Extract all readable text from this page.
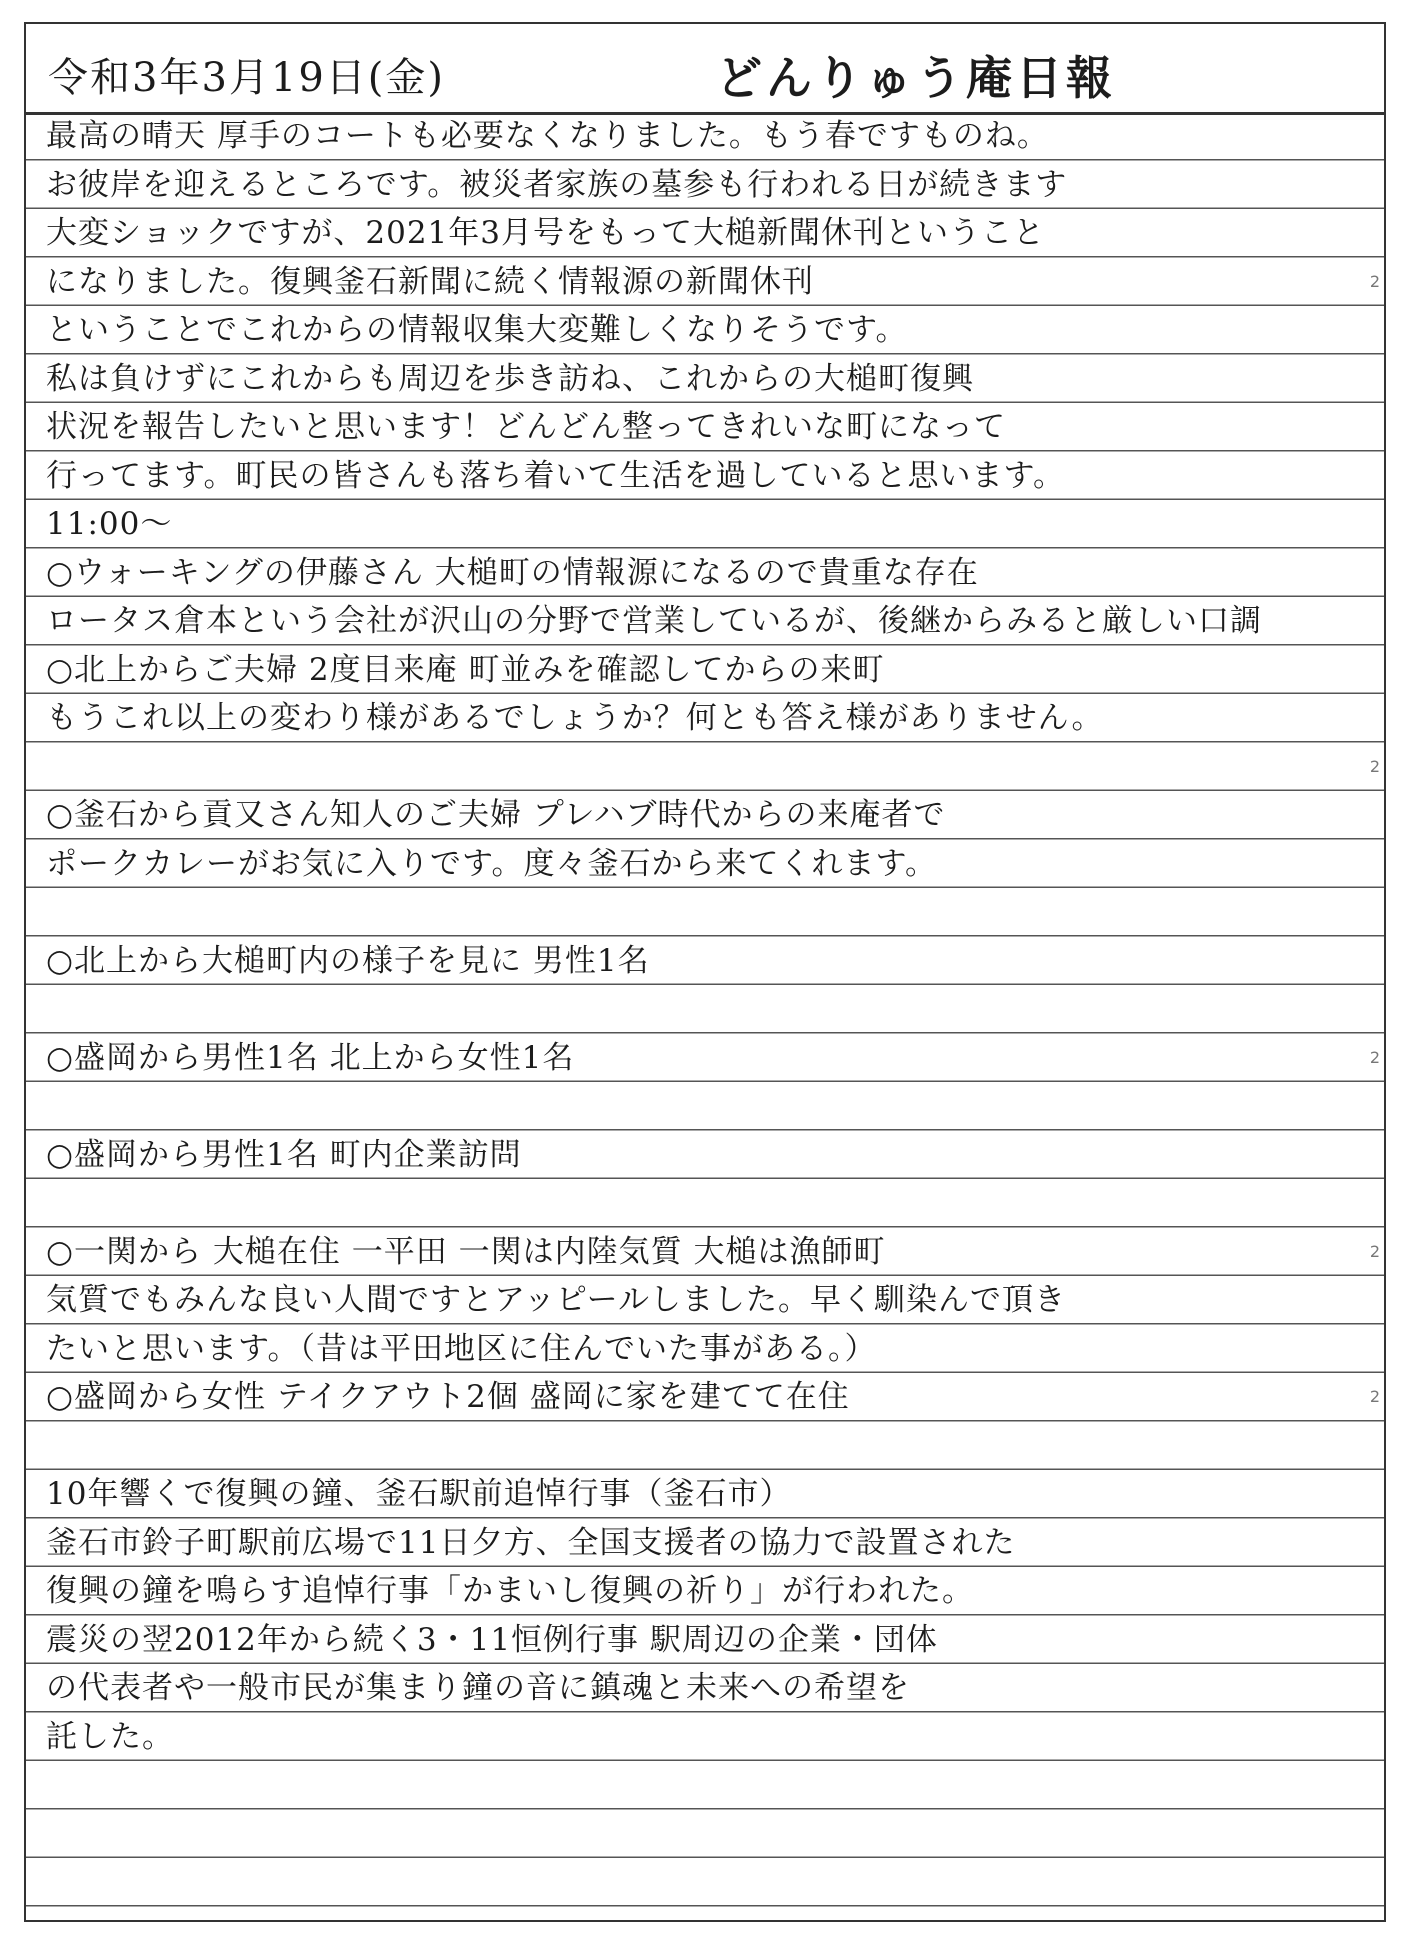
令和3年3月19日(金)	どんりゅう庵日報
最高の晴天 厚手のコートも必要なくなりました。もう春ですものね。
お彼岸を迎えるところです。被災者家族の墓参も行われる日が続きます
大変ショックですが、2021年3月号をもって大槌新聞休刊ということ
になりました。復興釜石新聞に続く情報源の新聞休刊
ということでこれからの情報収集大変難しくなりそうです。
私は負けずにこれからも周辺を歩き訪ね、これからの大槌町復興
状況を報告したいと思います！どんどん整ってきれいな町になって
行ってます。町民の皆さんも落ち着いて生活を過していると思います。
11:00〜
○ウォーキングの伊藤さん 大槌町の情報源になるので貴重な存在
ロータス倉本という会社が沢山の分野で営業しているが、後継からみると厳しい口調
○北上からご夫婦 2度目来庵 町並みを確認してからの来町
もうこれ以上の変わり様があるでしょうか？何とも答え様がありません。
○釜石から貢又さん知人のご夫婦 プレハブ時代からの来庵者で
ポークカレーがお気に入りです。度々釜石から来てくれます。
○北上から大槌町内の様子を見に 男性1名
○盛岡から男性1名 北上から女性1名
○盛岡から男性1名 町内企業訪問
○一関から 大槌在住 一平田 一関は内陸気質 大槌は漁師町
気質でもみんな良い人間ですとアッピールしました。早く馴染んで頂き
たいと思います。（昔は平田地区に住んでいた事がある。）
○盛岡から女性 テイクアウト2個 盛岡に家を建てて在住
10年響くで復興の鐘、釜石駅前追悼行事（釜石市）
釜石市鈴子町駅前広場で11日夕方、全国支援者の協力で設置された
復興の鐘を鳴らす追悼行事「かまいし復興の祈り」が行われた。
震災の翌2012年から続く3・11恒例行事 駅周辺の企業・団体
の代表者や一般市民が集まり鐘の音に鎮魂と未来への希望を
託した。
2
2
2
2
2
